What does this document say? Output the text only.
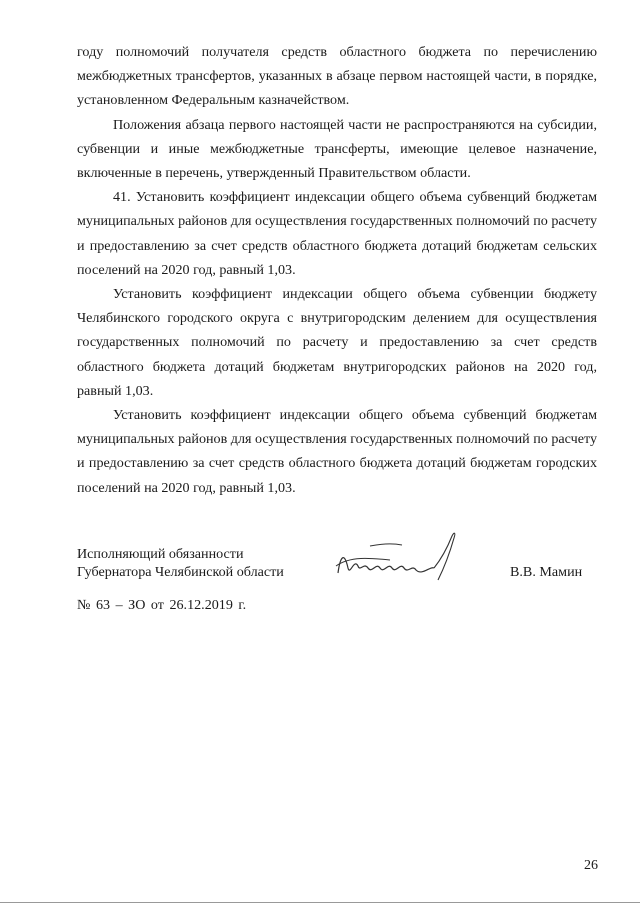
году полномочий получателя средств областного бюджета по перечислению межбюджетных трансфертов, указанных в абзаце первом настоящей части, в порядке, установленном Федеральным казначейством.

Положения абзаца первого настоящей части не распространяются на субсидии, субвенции и иные межбюджетные трансферты, имеющие целевое назначение, включенные в перечень, утвержденный Правительством области.

41. Установить коэффициент индексации общего объема субвенций бюджетам муниципальных районов для осуществления государственных полномочий по расчету и предоставлению за счет средств областного бюджета дотаций бюджетам сельских поселений на 2020 год, равный 1,03.

Установить коэффициент индексации общего объема субвенции бюджету Челябинского городского округа с внутригородским делением для осуществления государственных полномочий по расчету и предоставлению за счет средств областного бюджета дотаций бюджетам внутригородских районов на 2020 год, равный 1,03.

Установить коэффициент индексации общего объема субвенций бюджетам муниципальных районов для осуществления государственных полномочий по расчету и предоставлению за счет средств областного бюджета дотаций бюджетам городских поселений на 2020 год, равный 1,03.

Исполняющий обязанности
Губернатора Челябинской области	В.В. Мамин
№ 63 – ЗО от 26.12.2019 г.
26
